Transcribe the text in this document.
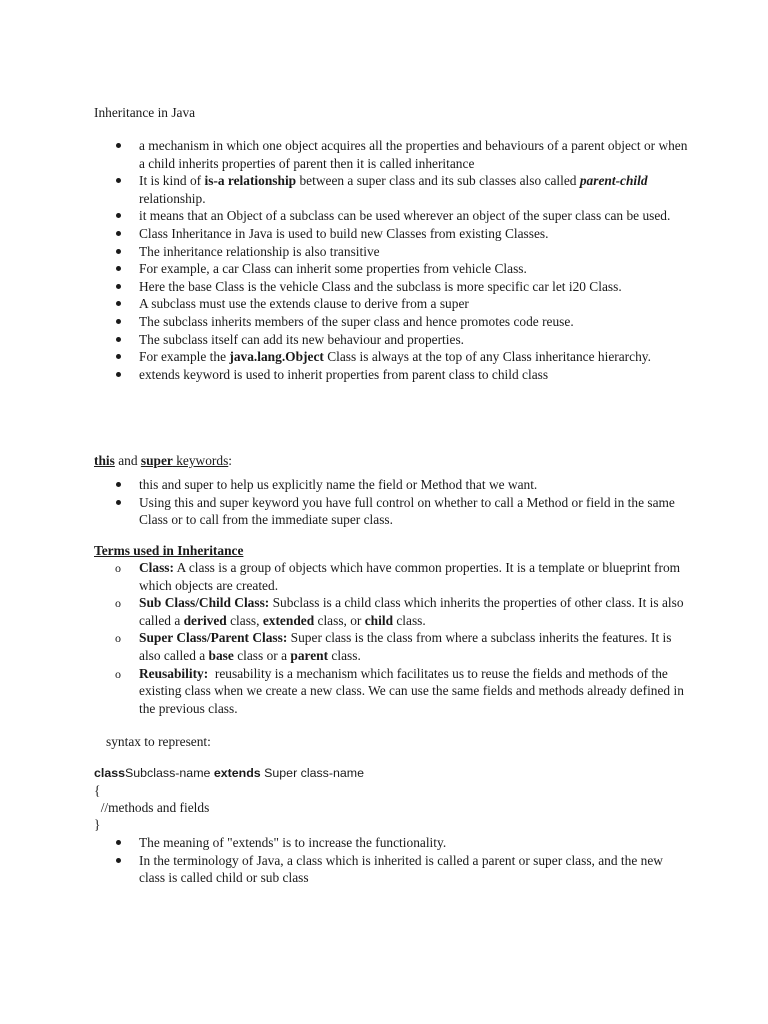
Inheritance in Java
a mechanism in which one object acquires all the properties and behaviours of a parent object or when a child inherits properties of parent then it is called inheritance
It is kind of is-a relationship between a super class and its sub classes also called parent-child relationship.
it means that an Object of a subclass can be used wherever an object of the super class can be used.
Class Inheritance in Java is used to build new Classes from existing Classes.
The inheritance relationship is also transitive
For example, a car Class can inherit some properties from vehicle Class.
Here the base Class is the vehicle Class and the subclass is more specific car let i20 Class.
A subclass must use the extends clause to derive from a super
The subclass inherits members of the super class and hence promotes code reuse.
The subclass itself can add its new behaviour and properties.
For example the java.lang.Object Class is always at the top of any Class inheritance hierarchy.
extends keyword is used to inherit properties from parent class to child class
this and super keywords:
this and super to help us explicitly name the field or Method that we want.
Using this and super keyword you have full control on whether to call a Method or field in the same Class or to call from the immediate super class.
Terms used in Inheritance
o Class: A class is a group of objects which have common properties. It is a template or blueprint from which objects are created.
o Sub Class/Child Class: Subclass is a child class which inherits the properties of other class. It is also called a derived class, extended class, or child class.
o Super Class/Parent Class: Super class is the class from where a subclass inherits the features. It is also called a base class or a parent class.
o Reusability:  reusability is a mechanism which facilitates us to reuse the fields and methods of the existing class when we create a new class. We can use the same fields and methods already defined in the previous class.
syntax to represent:
classSubclass-name extends Super class-name
{
//methods and fields
}
The meaning of "extends" is to increase the functionality.
In the terminology of Java, a class which is inherited is called a parent or super class, and the new class is called child or sub class
